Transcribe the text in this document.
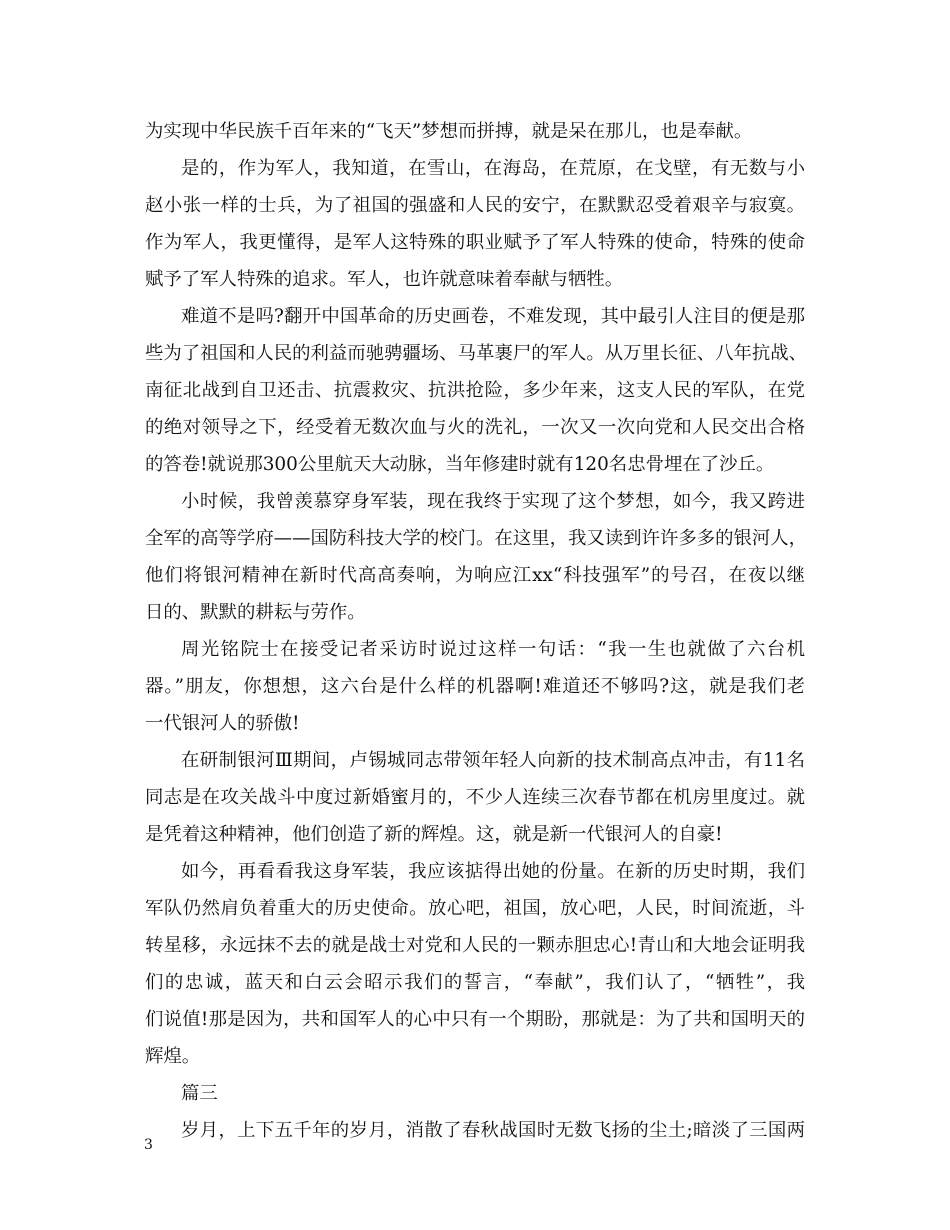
为实现中华民族千百年来的“飞天”梦想而拼搏，就是呆在那儿，也是奉献。
是的，作为军人，我知道，在雪山，在海岛，在荒原，在戈壁，有无数与小
赵小张一样的士兵，为了祖国的强盛和人民的安宁，在默默忍受着艰辛与寂寞。
作为军人，我更懂得，是军人这特殊的职业赋予了军人特殊的使命，特殊的使命
赋予了军人特殊的追求。军人，也许就意味着奉献与牺牲。
难道不是吗?翻开中国革命的历史画卷，不难发现，其中最引人注目的便是那
些为了祖国和人民的利益而驰骋疆场、马革裹尸的军人。从万里长征、八年抗战、
南征北战到自卫还击、抗震救灾、抗洪抢险，多少年来，这支人民的军队，在党
的绝对领导之下，经受着无数次血与火的洗礼，一次又一次向党和人民交出合格
的答卷!就说那300公里航天大动脉，当年修建时就有120名忠骨埋在了沙丘。
小时候，我曾羡慕穿身军装，现在我终于实现了这个梦想，如今，我又跨进
全军的高等学府——国防科技大学的校门。在这里，我又读到许许多多的银河人，
他们将银河精神在新时代高高奏响，为响应江xx“科技强军”的号召，在夜以继
日的、默默的耕耘与劳作。
周光铭院士在接受记者采访时说过这样一句话：“我一生也就做了六台机
器。”朋友，你想想，这六台是什么样的机器啊!难道还不够吗?这，就是我们老
一代银河人的骄傲!
在研制银河Ⅲ期间，卢锡城同志带领年轻人向新的技术制高点冲击，有11名
同志是在攻关战斗中度过新婚蜜月的，不少人连续三次春节都在机房里度过。就
是凭着这种精神，他们创造了新的辉煌。这，就是新一代银河人的自豪!
如今，再看看我这身军装，我应该掂得出她的份量。在新的历史时期，我们
军队仍然肩负着重大的历史使命。放心吧，祖国，放心吧，人民，时间流逝，斗
转星移，永远抹不去的就是战士对党和人民的一颗赤胆忠心!青山和大地会证明我
们的忠诚，蓝天和白云会昭示我们的誓言，“奉献”，我们认了，“牺牲”，我
们说值!那是因为，共和国军人的心中只有一个期盼，那就是：为了共和国明天的
辉煌。
篇三
岁月，上下五千年的岁月，消散了春秋战国时无数飞扬的尘土;暗淡了三国两
3
